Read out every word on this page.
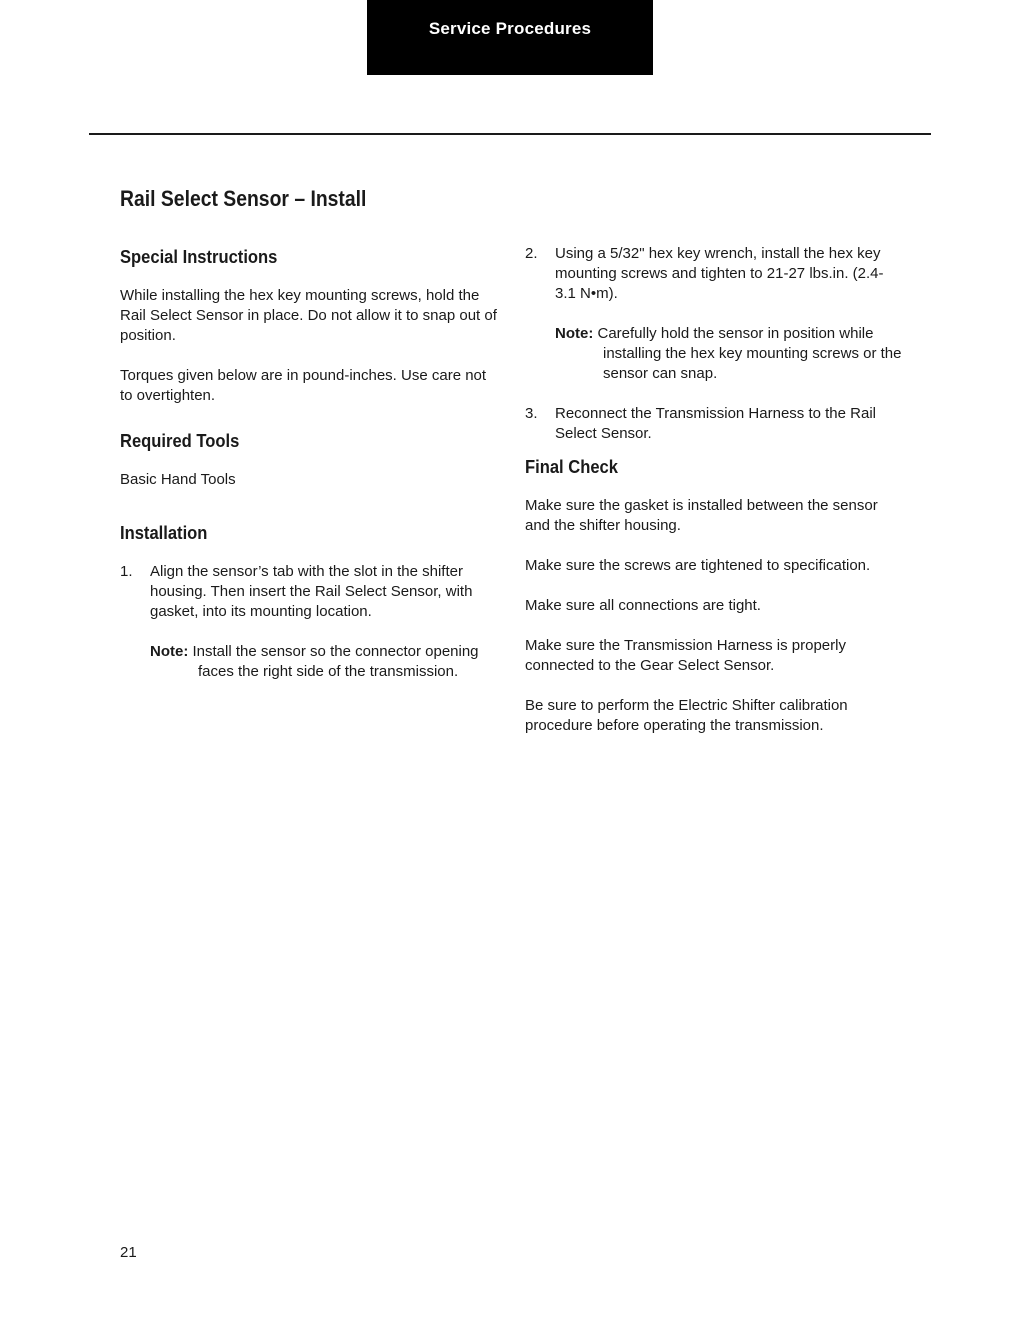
Service Procedures
Rail Select Sensor – Install
Special Instructions

While installing the hex key mounting screws, hold the Rail Select Sensor in place. Do not allow it to snap out of position.

Torques given below are in pound-inches. Use care not to overtighten.

Required Tools

Basic Hand Tools

Installation
1. Align the sensor’s tab with the slot in the shifter housing. Then insert the Rail Select Sensor, with gasket, into its mounting location.

Note: Install the sensor so the connector opening faces the right side of the transmission.

2. Using a 5/32" hex key wrench, install the hex key mounting screws and tighten to 21-27 lbs.in. (2.4-3.1 N•m).

Note: Carefully hold the sensor in position while installing the hex key mounting screws or the sensor can snap.

3. Reconnect the Transmission Harness to the Rail Select Sensor.

Final Check

Make sure the gasket is installed between the sensor and the shifter housing.

Make sure the screws are tightened to specification.

Make sure all connections are tight.

Make sure the Transmission Harness is properly connected to the Gear Select Sensor.

Be sure to perform the Electric Shifter calibration procedure before operating the transmission.

21
